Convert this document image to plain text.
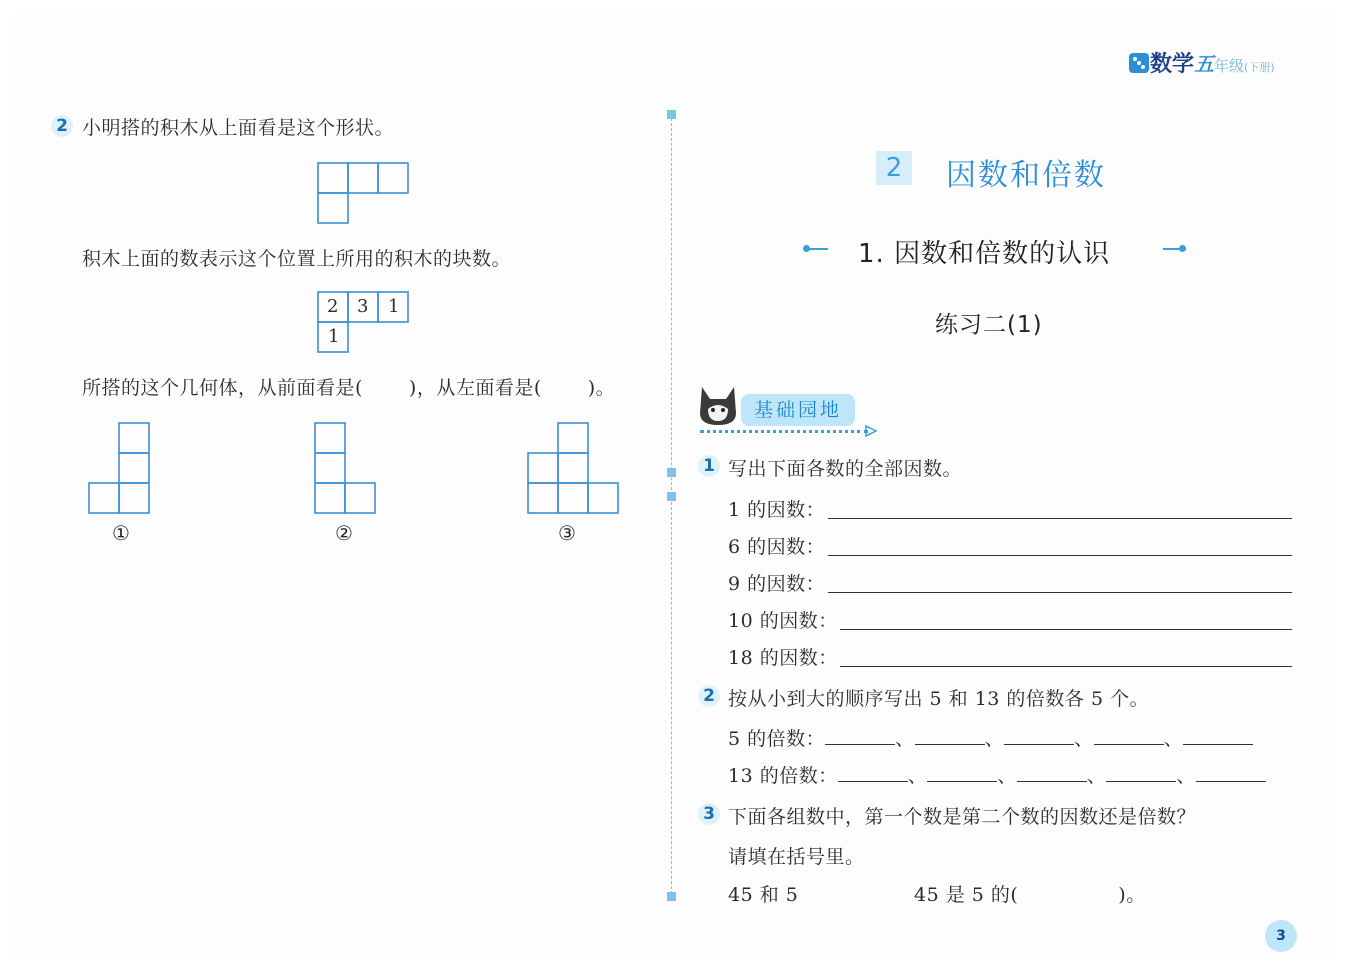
数学五年级(下册)
2 小明搭的积木从上面看是这个形状。
积木上面的数表示这个位置上所用的积木的块数。
2 3 1
1
所搭的这个几何体，从前面看是( )，从左面看是( )。
①	②	③
2	因数和倍数
1. 因数和倍数的认识
练习二(1)
基础园地
1 写出下面各数的全部因数。
1 的因数：
6 的因数：
9 的因数：
10 的因数：
18 的因数：
2 按从小到大的顺序写出 5 和 13 的倍数各 5 个。
5 的倍数：	、	、	、	、
13 的倍数：	、	、	、	、
3 下面各组数中，第一个数是第二个数的因数还是倍数？
请填在括号里。
45 和 5	45 是 5 的(	)。
3
